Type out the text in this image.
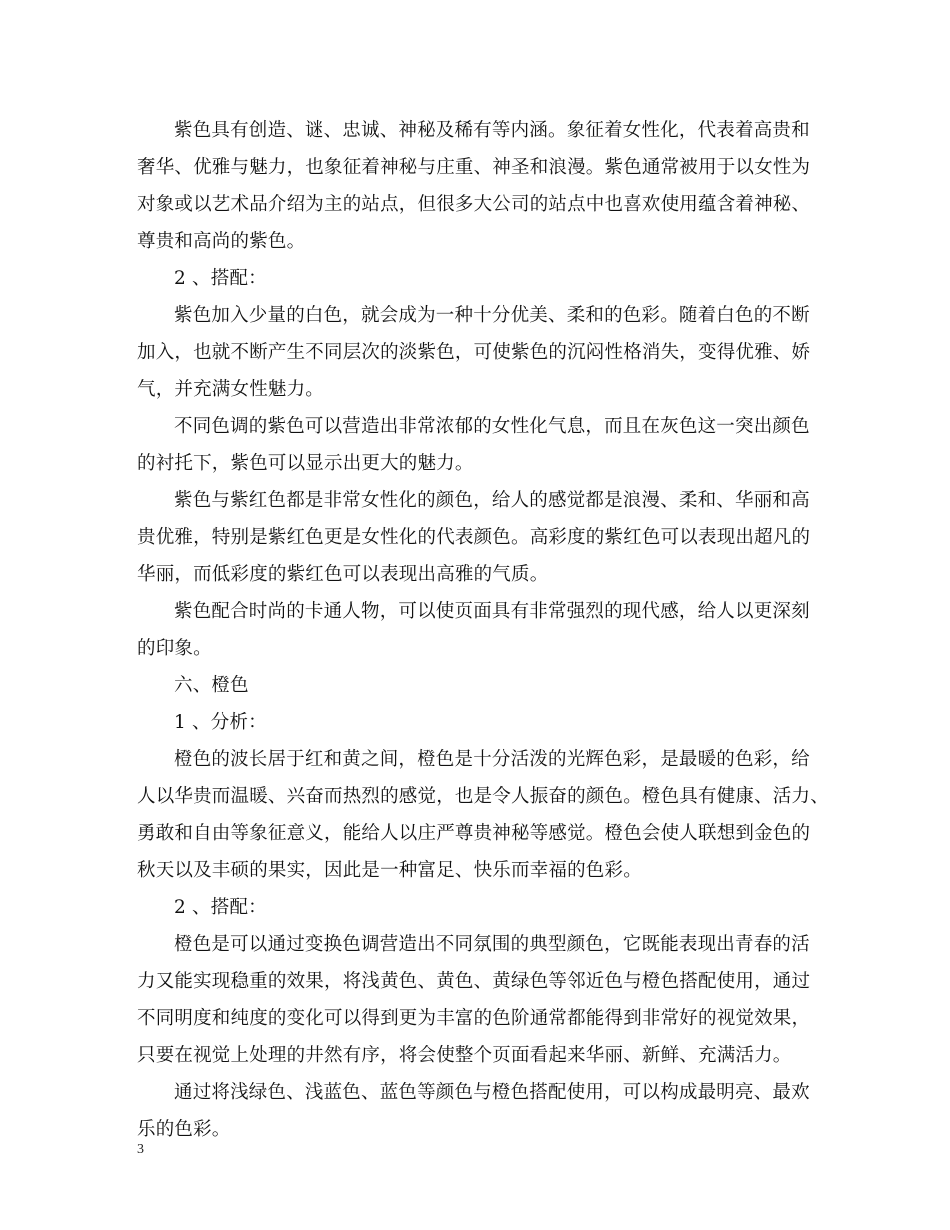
紫色具有创造、谜、忠诚、神秘及稀有等内涵。象征着女性化，代表着高贵和
奢华、优雅与魅力，也象征着神秘与庄重、神圣和浪漫。紫色通常被用于以女性为
对象或以艺术品介绍为主的站点，但很多大公司的站点中也喜欢使用蕴含着神秘、
尊贵和高尚的紫色。
2 、搭配：
紫色加入少量的白色，就会成为一种十分优美、柔和的色彩。随着白色的不断
加入，也就不断产生不同层次的淡紫色，可使紫色的沉闷性格消失，变得优雅、娇
气，并充满女性魅力。
不同色调的紫色可以营造出非常浓郁的女性化气息，而且在灰色这一突出颜色
的衬托下，紫色可以显示出更大的魅力。
紫色与紫红色都是非常女性化的颜色，给人的感觉都是浪漫、柔和、华丽和高
贵优雅，特别是紫红色更是女性化的代表颜色。高彩度的紫红色可以表现出超凡的
华丽，而低彩度的紫红色可以表现出高雅的气质。
紫色配合时尚的卡通人物，可以使页面具有非常强烈的现代感，给人以更深刻
的印象。
六、橙色
1 、分析：
橙色的波长居于红和黄之间，橙色是十分活泼的光辉色彩，是最暖的色彩，给
人以华贵而温暖、兴奋而热烈的感觉，也是令人振奋的颜色。橙色具有健康、活力、
勇敢和自由等象征意义，能给人以庄严尊贵神秘等感觉。橙色会使人联想到金色的
秋天以及丰硕的果实，因此是一种富足、快乐而幸福的色彩。
2 、搭配：
橙色是可以通过变换色调营造出不同氛围的典型颜色，它既能表现出青春的活
力又能实现稳重的效果，将浅黄色、黄色、黄绿色等邻近色与橙色搭配使用，通过
不同明度和纯度的变化可以得到更为丰富的色阶通常都能得到非常好的视觉效果，
只要在视觉上处理的井然有序，将会使整个页面看起来华丽、新鲜、充满活力。
通过将浅绿色、浅蓝色、蓝色等颜色与橙色搭配使用，可以构成最明亮、最欢
乐的色彩。
3
